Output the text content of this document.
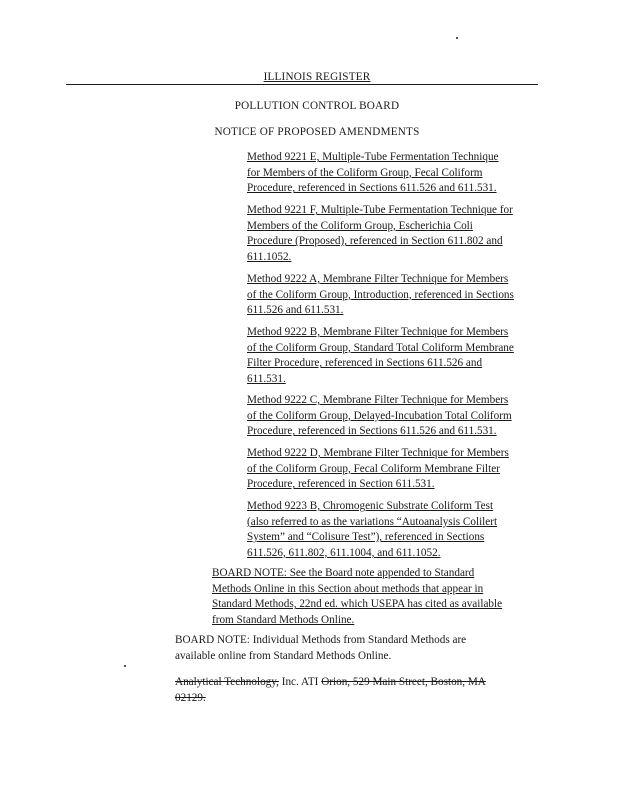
ILLINOIS REGISTER
POLLUTION CONTROL BOARD
NOTICE OF PROPOSED AMENDMENTS
Method 9221 E, Multiple-Tube Fermentation Technique
for Members of the Coliform Group, Fecal Coliform
Procedure, referenced in Sections 611.526 and 611.531.
Method 9221 F, Multiple-Tube Fermentation Technique for
Members of the Coliform Group, Escherichia Coli
Procedure (Proposed), referenced in Section 611.802 and
611.1052.
Method 9222 A, Membrane Filter Technique for Members
of the Coliform Group, Introduction, referenced in Sections
611.526 and 611.531.
Method 9222 B, Membrane Filter Technique for Members
of the Coliform Group, Standard Total Coliform Membrane
Filter Procedure, referenced in Sections 611.526 and
611.531.
Method 9222 C, Membrane Filter Technique for Members
of the Coliform Group, Delayed-Incubation Total Coliform
Procedure, referenced in Sections 611.526 and 611.531.
Method 9222 D, Membrane Filter Technique for Members
of the Coliform Group, Fecal Coliform Membrane Filter
Procedure, referenced in Section 611.531.
Method 9223 B, Chromogenic Substrate Coliform Test
(also referred to as the variations “Autoanalysis Colilert
System” and “Colisure Test”), referenced in Sections
611.526, 611.802, 611.1004, and 611.1052.
BOARD NOTE: See the Board note appended to Standard
Methods Online in this Section about methods that appear in
Standard Methods, 22nd ed. which USEPA has cited as available
from Standard Methods Online.
BOARD NOTE: Individual Methods from Standard Methods are
available online from Standard Methods Online.
Analytical Technology, Inc. ATI Orion, 529 Main Street, Boston, MA
02129.
